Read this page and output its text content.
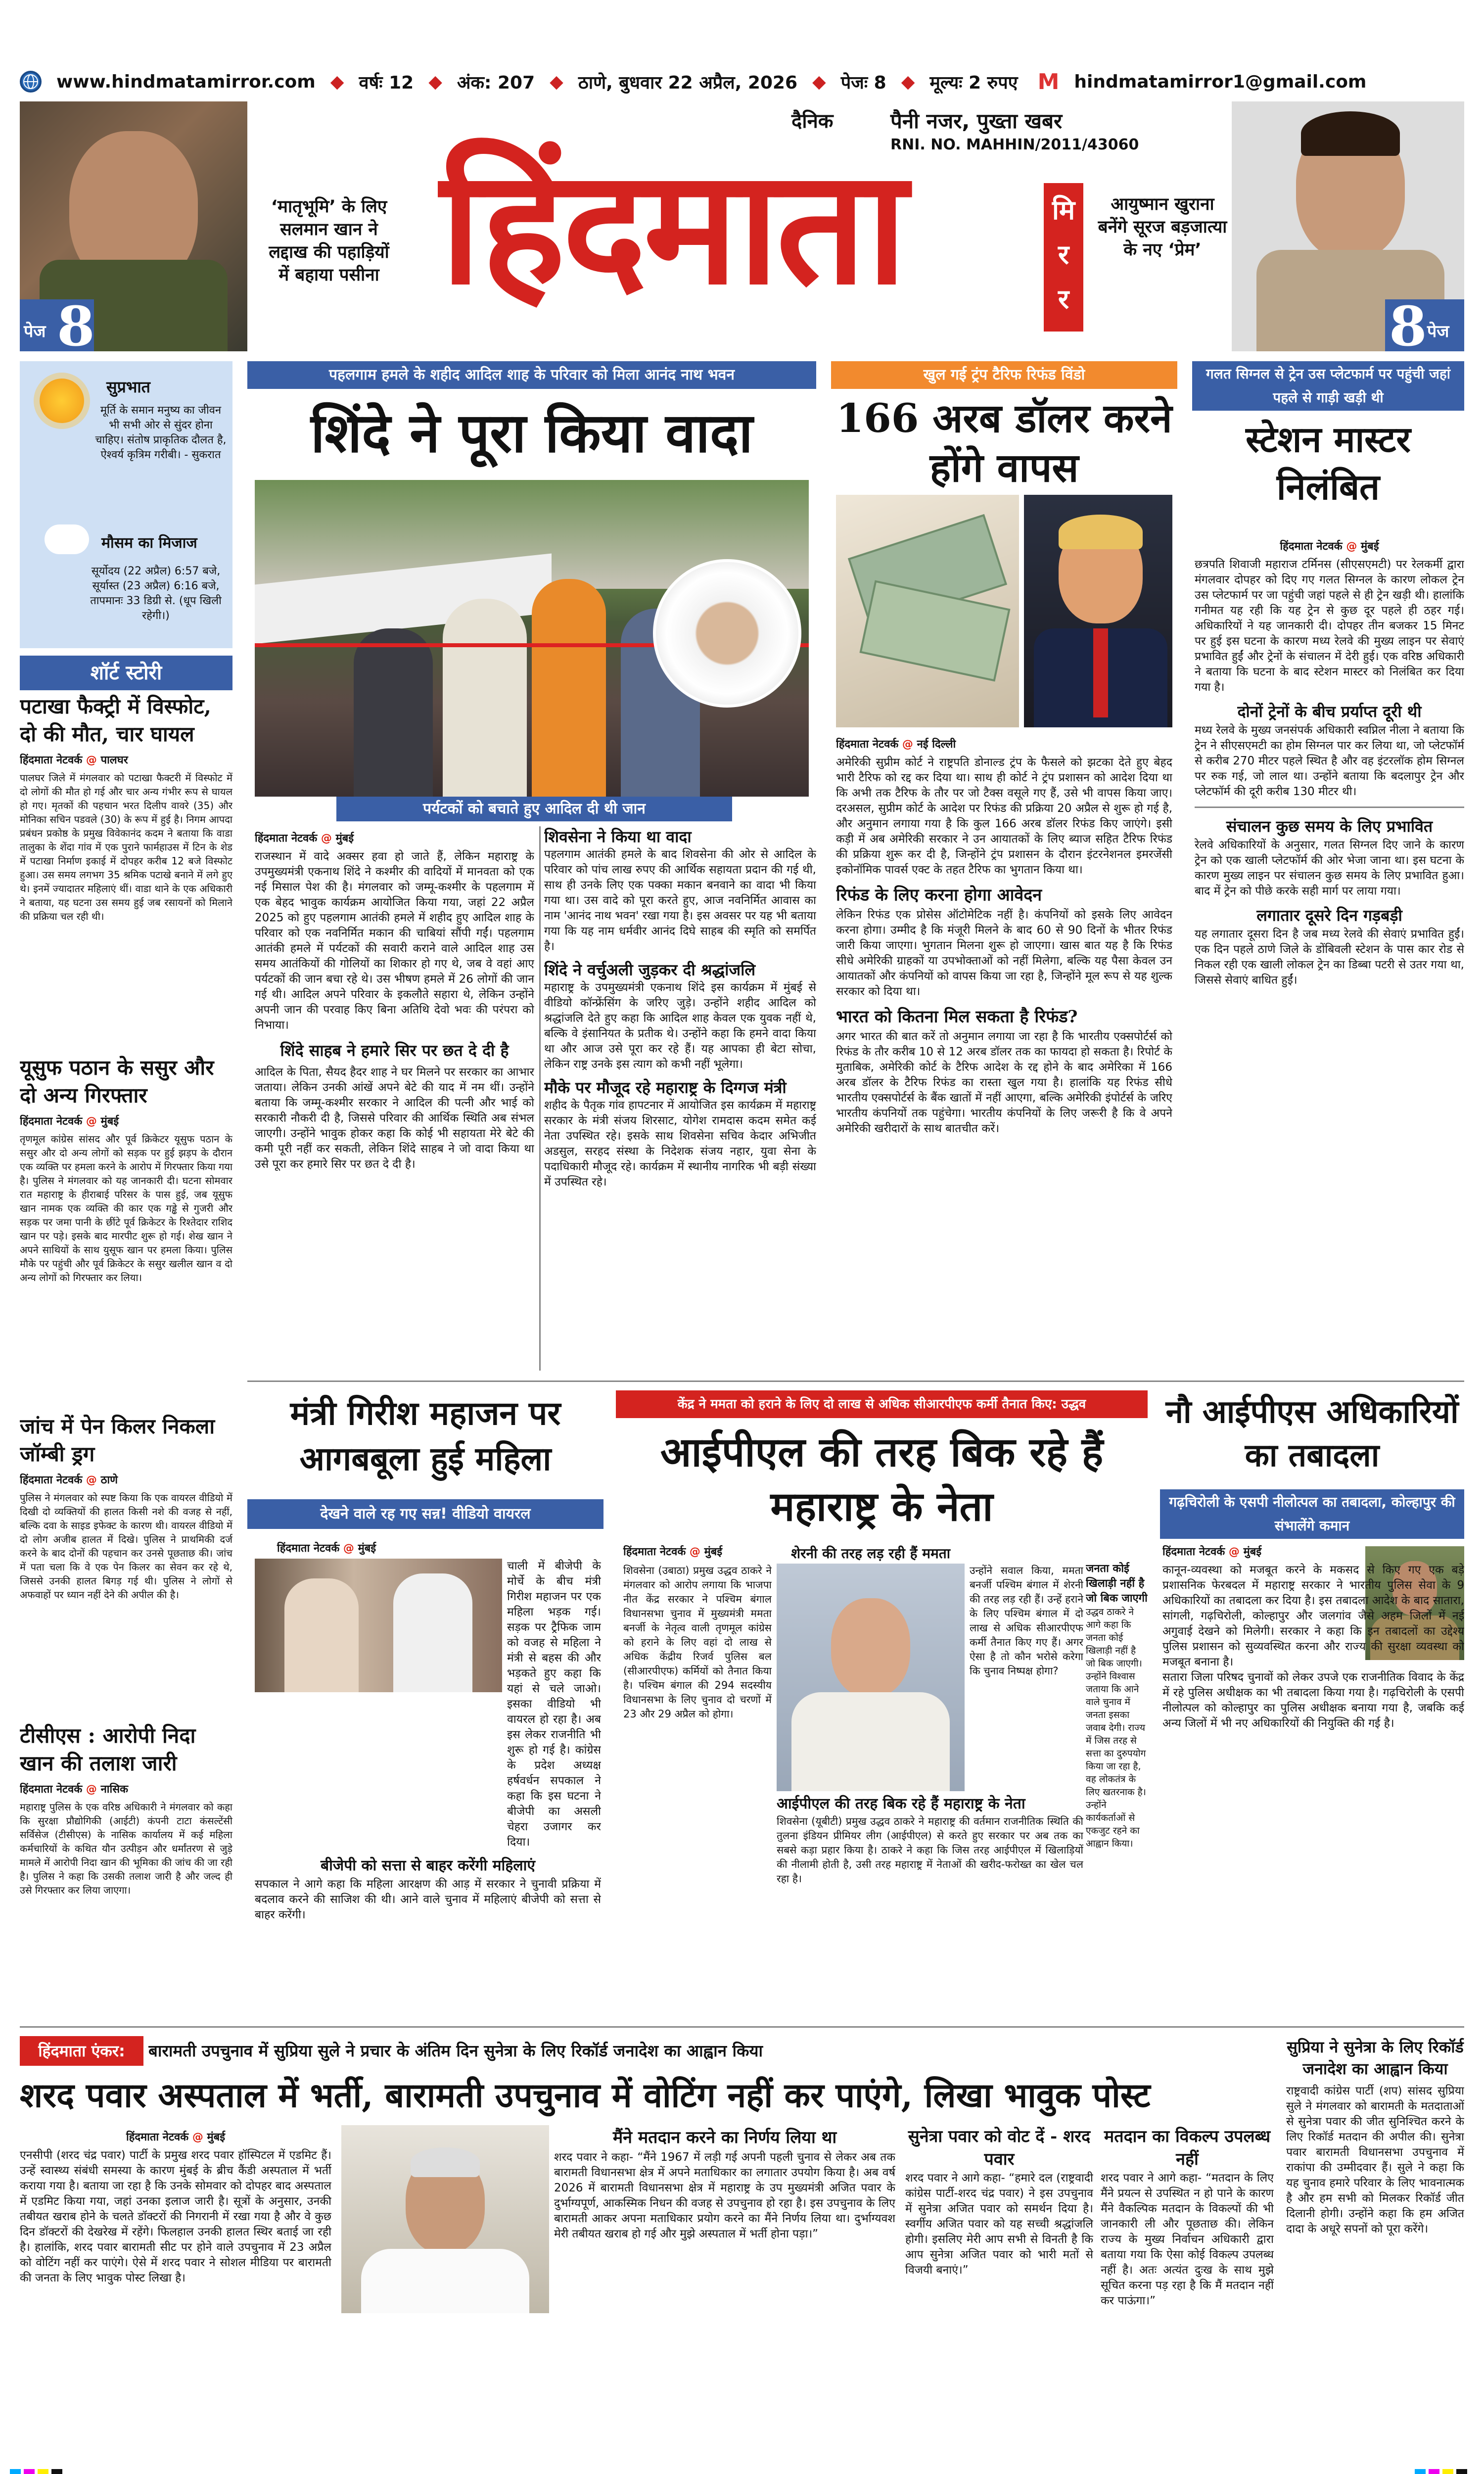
www.hindmatamirror.com ◆ वर्षः 12 ◆ अंक: 207 ◆ ठाणे, बुधवार 22 अप्रैल, 2026 ◆ पेजः 8 ◆ मूल्यः 2 रुपए M hindmatamirror1@gmail.com
पेज 8
‘मातृभूमि’ के लिए सलमान खान ने लद्दाख की पहाड़ियों में बहाया पसीना
दैनिक	पैनी नजर, पुख्ता खबर
RNI. NO. MAHHIN/2011/43060
हिंदमाता	मि
र
र
आयुष्मान खुराना बनेंगे सूरज बड़जात्या के नए ‘प्रेम’
8 पेज
सुप्रभात
मूर्ति के समान मनुष्य का जीवन भी सभी ओर से सुंदर होना चाहिए। संतोष प्राकृतिक दौलत है, ऐश्वर्य कृत्रिम गरीबी। - सुकरात
मौसम का मिजाज
सूर्योदय (22 अप्रैल) 6:57 बजे, सूर्यास्त (23 अप्रैल) 6:16 बजे, तापमानः 33 डिग्री से. (धूप खिली रहेगी।)
शॉर्ट स्टोरी
पटाखा फैक्ट्री में विस्फोट, दो की मौत, चार घायल
हिंदमाता नेटवर्क @ पालघर
पालघर जिले में मंगलवार को पटाखा फैक्टरी में विस्फोट में दो लोगों की मौत हो गई और चार अन्य गंभीर रूप से घायल हो गए। मृतकों की पहचान भरत दिलीप वावरे (35) और मोनिका सचिन पडवले (30) के रूप में हुई है। निगम आपदा प्रबंधन प्रकोष्ठ के प्रमुख विवेकानंद कदम ने बताया कि वाडा तालुका के शेंदा गांव में एक पुराने फार्महाउस में टिन के शेड में पटाखा निर्माण इकाई में दोपहर करीब 12 बजे विस्फोट हुआ। उस समय लगभग 35 श्रमिक पटाखे बनाने में लगे हुए थे। इनमें ज्यादातर महिलाएं थीं। वाडा थाने के एक अधिकारी ने बताया, यह घटना उस समय हुई जब रसायनों को मिलाने की प्रक्रिया चल रही थी।
यूसुफ पठान के ससुर और दो अन्य गिरफ्तार
हिंदमाता नेटवर्क @ मुंबई
तृणमूल कांग्रेस सांसद और पूर्व क्रिकेटर यूसुफ पठान के ससुर और दो अन्य लोगों को सड़क पर हुई झड़प के दौरान एक व्यक्ति पर हमला करने के आरोप में गिरफ्तार किया गया है। पुलिस ने मंगलवार को यह जानकारी दी। घटना सोमवार रात महाराष्ट्र के हीराबाई परिसर के पास हुई, जब यूसुफ खान नामक एक व्यक्ति की कार एक गड्ढे से गुजरी और सड़क पर जमा पानी के छींटे पूर्व क्रिकेटर के रिश्तेदार राशिद खान पर पड़े। इसके बाद मारपीट शुरू हो गई। शेख खान ने अपने साथियों के साथ युसूफ खान पर हमला किया। पुलिस मौके पर पहुंची और पूर्व क्रिकेटर के ससुर खलील खान व दो अन्य लोगों को गिरफ्तार कर लिया।
जांच में पेन किलर निकला जॉम्बी ड्रग
हिंदमाता नेटवर्क @ ठाणे
पुलिस ने मंगलवार को स्पष्ट किया कि एक वायरल वीडियो में दिखी दो व्यक्तियों की हालत किसी नशे की वजह से नहीं, बल्कि दवा के साइड इफेक्ट के कारण थी। वायरल वीडियो में दो लोग अजीब हालत में दिखे। पुलिस ने प्राथमिकी दर्ज करने के बाद दोनों की पहचान कर उनसे पूछताछ की। जांच में पता चला कि वे एक पेन किलर का सेवन कर रहे थे, जिससे उनकी हालत बिगड़ गई थी। पुलिस ने लोगों से अफवाहों पर ध्यान नहीं देने की अपील की है।
टीसीएस : आरोपी निदा खान की तलाश जारी
हिंदमाता नेटवर्क @ नासिक
महाराष्ट्र पुलिस के एक वरिष्ठ अधिकारी ने मंगलवार को कहा कि सुरक्षा प्रौद्योगिकी (आईटी) कंपनी टाटा कंसल्टेंसी सर्विसेज (टीसीएस) के नासिक कार्यालय में कई महिला कर्मचारियों के कथित यौन उत्पीड़न और धर्मांतरण से जुड़े मामले में आरोपी निदा खान की भूमिका की जांच की जा रही है। पुलिस ने कहा कि उसकी तलाश जारी है और जल्द ही उसे गिरफ्तार कर लिया जाएगा।
पहलगाम हमले के शहीद आदिल शाह के परिवार को मिला आनंद नाथ भवन
शिंदे ने पूरा किया वादा
पर्यटकों को बचाते हुए आदिल दी थी जान
हिंदमाता नेटवर्क @ मुंबई
राजस्थान में वादे अक्सर हवा हो जाते हैं, लेकिन महाराष्ट्र के उपमुख्यमंत्री एकनाथ शिंदे ने कश्मीर की वादियों में मानवता को एक नई मिसाल पेश की है। मंगलवार को जम्मू-कश्मीर के पहलगाम में एक बेहद भावुक कार्यक्रम आयोजित किया गया, जहां 22 अप्रैल 2025 को हुए पहलगाम आतंकी हमले में शहीद हुए आदिल शाह के परिवार को एक नवनिर्मित मकान की चाबियां सौंपी गईं। पहलगाम आतंकी हमले में पर्यटकों की सवारी कराने वाले आदिल शाह उस समय आतंकियों की गोलियों का शिकार हो गए थे, जब वे वहां आए पर्यटकों की जान बचा रहे थे। उस भीषण हमले में 26 लोगों की जान गई थी। आदिल अपने परिवार के इकलौते सहारा थे, लेकिन उन्होंने अपनी जान की परवाह किए बिना अतिथि देवो भवः की परंपरा को निभाया।
शिंदे साहब ने हमारे सिर पर छत दे दी है
आदिल के पिता, सैयद हैदर शाह ने घर मिलने पर सरकार का आभार जताया। लेकिन उनकी आंखें अपने बेटे की याद में नम थीं। उन्होंने बताया कि जम्मू-कश्मीर सरकार ने आदिल की पत्नी और भाई को सरकारी नौकरी दी है, जिससे परिवार की आर्थिक स्थिति अब संभल जाएगी। उन्होंने भावुक होकर कहा कि कोई भी सहायता मेरे बेटे की कमी पूरी नहीं कर सकती, लेकिन शिंदे साहब ने जो वादा किया था उसे पूरा कर हमारे सिर पर छत दे दी है।
शिवसेना ने किया था वादा
पहलगाम आतंकी हमले के बाद शिवसेना की ओर से आदिल के परिवार को पांच लाख रुपए की आर्थिक सहायता प्रदान की गई थी, साथ ही उनके लिए एक पक्का मकान बनवाने का वादा भी किया गया था। उस वादे को पूरा करते हुए, आज नवनिर्मित आवास का नाम 'आनंद नाथ भवन' रखा गया है। इस अवसर पर यह भी बताया गया कि यह नाम धर्मवीर आनंद दिघे साहब की स्मृति को समर्पित है।
शिंदे ने वर्चुअली जुड़कर दी श्रद्धांजलि
महाराष्ट्र के उपमुख्यमंत्री एकनाथ शिंदे इस कार्यक्रम में मुंबई से वीडियो कॉन्फ्रेंसिंग के जरिए जुड़े। उन्होंने शहीद आदिल को श्रद्धांजलि देते हुए कहा कि आदिल शाह केवल एक युवक नहीं थे, बल्कि वे इंसानियत के प्रतीक थे। उन्होंने कहा कि हमने वादा किया था और आज उसे पूरा कर रहे हैं। यह आपका ही बेटा सोचा, लेकिन राष्ट्र उनके इस त्याग को कभी नहीं भूलेगा।
मौके पर मौजूद रहे महाराष्ट्र के दिग्गज मंत्री
शहीद के पैतृक गांव हापटनार में आयोजित इस कार्यक्रम में महाराष्ट्र सरकार के मंत्री संजय शिरसाट, योगेश रामदास कदम समेत कई नेता उपस्थित रहे। इसके साथ शिवसेना सचिव केदार अभिजीत अडसुल, सरहद संस्था के निदेशक संजय नहार, युवा सेना के पदाधिकारी मौजूद रहे। कार्यक्रम में स्थानीय नागरिक भी बड़ी संख्या में उपस्थित रहे।
खुल गई ट्रंप टैरिफ रिफंड विंडो
166 अरब डॉलर करने होंगे वापस
हिंदमाता नेटवर्क @ नई दिल्ली
अमेरिकी सुप्रीम कोर्ट ने राष्ट्रपति डोनाल्ड ट्रंप के फैसले को झटका देते हुए बेहद भारी टैरिफ को रद्द कर दिया था। साथ ही कोर्ट ने ट्रंप प्रशासन को आदेश दिया था कि अभी तक टैरिफ के तौर पर जो टैक्स वसूले गए हैं, उसे भी वापस किया जाए। दरअसल, सुप्रीम कोर्ट के आदेश पर रिफंड की प्रक्रिया 20 अप्रैल से शुरू हो गई है, और अनुमान लगाया गया है कि कुल 166 अरब डॉलर रिफंड किए जाएंगे। इसी कड़ी में अब अमेरिकी सरकार ने उन आयातकों के लिए ब्याज सहित टैरिफ रिफंड की प्रक्रिया शुरू कर दी है, जिन्होंने ट्रंप प्रशासन के दौरान इंटरनेशनल इमरजेंसी इकोनॉमिक पावर्स एक्ट के तहत टैरिफ का भुगतान किया था।
रिफंड के लिए करना होगा आवेदन
लेकिन रिफंड एक प्रोसेस ऑटोमेटिक नहीं है। कंपनियों को इसके लिए आवेदन करना होगा। उम्मीद है कि मंजूरी मिलने के बाद 60 से 90 दिनों के भीतर रिफंड जारी किया जाएगा। भुगतान मिलना शुरू हो जाएगा। खास बात यह है कि रिफंड सीधे अमेरिकी ग्राहकों या उपभोक्ताओं को नहीं मिलेगा, बल्कि यह पैसा केवल उन आयातकों और कंपनियों को वापस किया जा रहा है, जिन्होंने मूल रूप से यह शुल्क सरकार को दिया था।
भारत को कितना मिल सकता है रिफंड?
अगर भारत की बात करें तो अनुमान लगाया जा रहा है कि भारतीय एक्सपोर्टर्स को रिफंड के तौर करीब 10 से 12 अरब डॉलर तक का फायदा हो सकता है। रिपोर्ट के मुताबिक, अमेरिकी कोर्ट के टैरिफ आदेश के रद्द होने के बाद अमेरिका में 166 अरब डॉलर के टैरिफ रिफंड का रास्ता खुल गया है। हालांकि यह रिफंड सीधे भारतीय एक्सपोर्टर्स के बैंक खातों में नहीं आएगा, बल्कि अमेरिकी इंपोर्टर्स के जरिए भारतीय कंपनियों तक पहुंचेगा। भारतीय कंपनियों के लिए जरूरी है कि वे अपने अमेरिकी खरीदारों के साथ बातचीत करें।
गलत सिग्नल से ट्रेन उस प्लेटफार्म पर पहुंची जहां पहले से गाड़ी खड़ी थी
स्टेशन मास्टर निलंबित
हिंदमाता नेटवर्क @ मुंबई
छत्रपति शिवाजी महाराज टर्मिनस (सीएसएमटी) पर रेलकर्मी द्वारा मंगलवार दोपहर को दिए गए गलत सिग्नल के कारण लोकल ट्रेन उस प्लेटफार्म पर जा पहुंची जहां पहले से ही ट्रेन खड़ी थी। हालांकि गनीमत यह रही कि यह ट्रेन से कुछ दूर पहले ही ठहर गई। अधिकारियों ने यह जानकारी दी। दोपहर तीन बजकर 15 मिनट पर हुई इस घटना के कारण मध्य रेलवे की मुख्य लाइन पर सेवाएं प्रभावित हुईं और ट्रेनों के संचालन में देरी हुई। एक वरिष्ठ अधिकारी ने बताया कि घटना के बाद स्टेशन मास्टर को निलंबित कर दिया गया है।
दोनों ट्रेनों के बीच प्रर्याप्त दूरी थी
मध्य रेलवे के मुख्य जनसंपर्क अधिकारी स्वप्निल नीला ने बताया कि ट्रेन ने सीएसएमटी का होम सिग्नल पार कर लिया था, जो प्लेटफॉर्म से करीब 270 मीटर पहले स्थित है और वह इंटरलॉक होम सिग्नल पर रुक गई, जो लाल था। उन्होंने बताया कि बदलापुर ट्रेन और प्लेटफॉर्म की दूरी करीब 130 मीटर थी।
संचालन कुछ समय के लिए प्रभावित
रेलवे अधिकारियों के अनुसार, गलत सिग्नल दिए जाने के कारण ट्रेन को एक खाली प्लेटफॉर्म की ओर भेजा जाना था। इस घटना के कारण मुख्य लाइन पर संचालन कुछ समय के लिए प्रभावित हुआ। बाद में ट्रेन को पीछे करके सही मार्ग पर लाया गया।
लगातार दूसरे दिन गड़बड़ी
यह लगातार दूसरा दिन है जब मध्य रेलवे की सेवाएं प्रभावित हुईं। एक दिन पहले ठाणे जिले के डोंबिवली स्टेशन के पास कार रोड से निकल रही एक खाली लोकल ट्रेन का डिब्बा पटरी से उतर गया था, जिससे सेवाएं बाधित हुईं।
मंत्री गिरीश महाजन पर आगबबूला हुई महिला
देखने वाले रह गए सन्न! वीडियो वायरल
हिंदमाता नेटवर्क @ मुंबई
चाली में बीजेपी के मोर्चे के बीच मंत्री गिरीश महाजन पर एक महिला भड़क गई। सड़क पर ट्रैफिक जाम को वजह से महिला ने मंत्री से बहस की और भड़कते हुए कहा कि यहां से चले जाओ। इसका वीडियो भी वायरल हो रहा है। अब इस लेकर राजनीति भी शुरू हो गई है। कांग्रेस के प्रदेश अध्यक्ष हर्षवर्धन सपकाल ने कहा कि इस घटना ने बीजेपी का असली चेहरा उजागर कर दिया।
बीजेपी को सत्ता से बाहर करेंगी महिलाएं
सपकाल ने आगे कहा कि महिला आरक्षण की आड़ में सरकार ने चुनावी प्रक्रिया में बदलाव करने की साजिश की थी। आने वाले चुनाव में महिलाएं बीजेपी को सत्ता से बाहर करेंगी।
केंद्र ने ममता को हराने के लिए दो लाख से अधिक सीआरपीएफ कर्मी तैनात किए: उद्धव
आईपीएल की तरह बिक रहे हैं महाराष्ट्र के नेता
शेरनी की तरह लड़ रही हैं ममता
हिंदमाता नेटवर्क @ मुंबई
शिवसेना (उबाठा) प्रमुख उद्धव ठाकरे ने मंगलवार को आरोप लगाया कि भाजपा नीत केंद्र सरकार ने पश्चिम बंगाल विधानसभा चुनाव में मुख्यमंत्री ममता बनर्जी के नेतृत्व वाली तृणमूल कांग्रेस को हराने के लिए वहां दो लाख से अधिक केंद्रीय रिजर्व पुलिस बल (सीआरपीएफ) कर्मियों को तैनात किया है। पश्चिम बंगाल की 294 सदस्यीय विधानसभा के लिए चुनाव दो चरणों में 23 और 29 अप्रैल को होगा।
उन्होंने सवाल किया, ममता बनर्जी पश्चिम बंगाल में शेरनी की तरह लड़ रही हैं। उन्हें हराने के लिए पश्चिम बंगाल में दो लाख से अधिक सीआरपीएफ कर्मी तैनात किए गए हैं। अगर ऐसा है तो कौन भरोसे करेगा कि चुनाव निष्पक्ष होगा?
आईपीएल की तरह बिक रहे हैं महाराष्ट्र के नेता
शिवसेना (यूबीटी) प्रमुख उद्धव ठाकरे ने महाराष्ट्र की वर्तमान राजनीतिक स्थिति की तुलना इंडियन प्रीमियर लीग (आईपीएल) से करते हुए सरकार पर अब तक का सबसे कड़ा प्रहार किया है। ठाकरे ने कहा कि जिस तरह आईपीएल में खिलाड़ियों की नीलामी होती है, उसी तरह महाराष्ट्र में नेताओं की खरीद-फरोख्त का खेल चल रहा है।
जनता कोई खिलाड़ी नहीं है जो बिक जाएगी
उद्धव ठाकरे ने आगे कहा कि जनता कोई खिलाड़ी नहीं है जो बिक जाएगी। उन्होंने विश्वास जताया कि आने वाले चुनाव में जनता इसका जवाब देगी। राज्य में जिस तरह से सत्ता का दुरुपयोग किया जा रहा है, वह लोकतंत्र के लिए खतरनाक है। उन्होंने कार्यकर्ताओं से एकजुट रहने का आह्वान किया।
नौ आईपीएस अधिकारियों का तबादला
गढ़चिरोली के एसपी नीलोत्पल का तबादला, कोल्हापुर की संभालेंगे कमान
हिंदमाता नेटवर्क @ मुंबई
कानून-व्यवस्था को मजबूत करने के मकसद से किए गए एक बड़े प्रशासनिक फेरबदल में महाराष्ट्र सरकार ने भारतीय पुलिस सेवा के 9 अधिकारियों का तबादला कर दिया है। इस तबादला आदेश के बाद सातारा, सांगली, गढ़चिरोली, कोल्हापुर और जलगांव जैसे अहम जिलों में नई अगुवाई देखने को मिलेगी। सरकार ने कहा कि इन तबादलों का उद्देश्य पुलिस प्रशासन को सुव्यवस्थित करना और राज्य की सुरक्षा व्यवस्था को मजबूत बनाना है।
सतारा जिला परिषद चुनावों को लेकर उपजे एक राजनीतिक विवाद के केंद्र में रहे पुलिस अधीक्षक का भी तबादला किया गया है। गढ़चिरोली के एसपी नीलोत्पल को कोल्हापुर का पुलिस अधीक्षक बनाया गया है, जबकि कई अन्य जिलों में भी नए अधिकारियों की नियुक्ति की गई है।
हिंदमाता एंकर:	बारामती उपचुनाव में सुप्रिया सुले ने प्रचार के अंतिम दिन सुनेत्रा के लिए रिकॉर्ड जनादेश का आह्वान किया
शरद पवार अस्पताल में भर्ती, बारामती उपचुनाव में वोटिंग नहीं कर पाएंगे, लिखा भावुक पोस्ट
हिंदमाता नेटवर्क @ मुंबई
एनसीपी (शरद चंद्र पवार) पार्टी के प्रमुख शरद पवार हॉस्पिटल में एडमिट हैं। उन्हें स्वास्थ्य संबंधी समस्या के कारण मुंबई के ब्रीच कैंडी अस्पताल में भर्ती कराया गया है। बताया जा रहा है कि उनके सोमवार को दोपहर बाद अस्पताल में एडमिट किया गया, जहां उनका इलाज जारी है। सूत्रों के अनुसार, उनकी तबीयत खराब होने के चलते डॉक्टरों की निगरानी में रखा गया है और वे कुछ दिन डॉक्टरों की देखरेख में रहेंगे। फिलहाल उनकी हालत स्थिर बताई जा रही है। हालांकि, शरद पवार बारामती सीट पर होने वाले उपचुनाव में 23 अप्रैल को वोटिंग नहीं कर पाएंगे। ऐसे में शरद पवार ने सोशल मीडिया पर बारामती की जनता के लिए भावुक पोस्ट लिखा है।
मैंने मतदान करने का निर्णय लिया था
शरद पवार ने कहा- “मैंने 1967 में लड़ी गई अपनी पहली चुनाव से लेकर अब तक बारामती विधानसभा क्षेत्र में अपने मताधिकार का लगातार उपयोग किया है। अब वर्ष 2026 में बारामती विधानसभा क्षेत्र में महाराष्ट्र के उप मुख्यमंत्री अजित पवार के दुर्भाग्यपूर्ण, आकस्मिक निधन की वजह से उपचुनाव हो रहा है। इस उपचुनाव के लिए बारामती आकर अपना मताधिकार प्रयोग करने का मैंने निर्णय लिया था। दुर्भाग्यवश मेरी तबीयत खराब हो गई और मुझे अस्पताल में भर्ती होना पड़ा।”
सुनेत्रा पवार को वोट दें - शरद पवार
शरद पवार ने आगे कहा- “हमारे दल (राष्ट्रवादी कांग्रेस पार्टी-शरद चंद्र पवार) ने इस उपचुनाव में सुनेत्रा अजित पवार को समर्थन दिया है। स्वर्गीय अजित पवार को यह सच्ची श्रद्धांजलि होगी। इसलिए मेरी आप सभी से विनती है कि आप सुनेत्रा अजित पवार को भारी मतों से विजयी बनाएं।”
मतदान का विकल्प उपलब्ध नहीं
शरद पवार ने आगे कहा- “मतदान के लिए मैंने प्रयत्न से उपस्थित न हो पाने के कारण मैंने वैकल्पिक मतदान के विकल्पों की भी जानकारी ली और पूछताछ की। लेकिन राज्य के मुख्य निर्वाचन अधिकारी द्वारा बताया गया कि ऐसा कोई विकल्प उपलब्ध नहीं है। अतः अत्यंत दुःख के साथ मुझे सूचित करना पड़ रहा है कि मैं मतदान नहीं कर पाऊंगा।”
सुप्रिया ने सुनेत्रा के लिए रिकॉर्ड जनादेश का आह्वान किया
राष्ट्रवादी कांग्रेस पार्टी (शप) सांसद सुप्रिया सुले ने मंगलवार को बारामती के मतदाताओं से सुनेत्रा पवार की जीत सुनिश्चित करने के लिए रिकॉर्ड मतदान की अपील की। सुनेत्रा पवार बारामती विधानसभा उपचुनाव में राकांपा की उम्मीदवार हैं। सुले ने कहा कि यह चुनाव हमारे परिवार के लिए भावनात्मक है और हम सभी को मिलकर रिकॉर्ड जीत दिलानी होगी। उन्होंने कहा कि हम अजित दादा के अधूरे सपनों को पूरा करेंगे।
